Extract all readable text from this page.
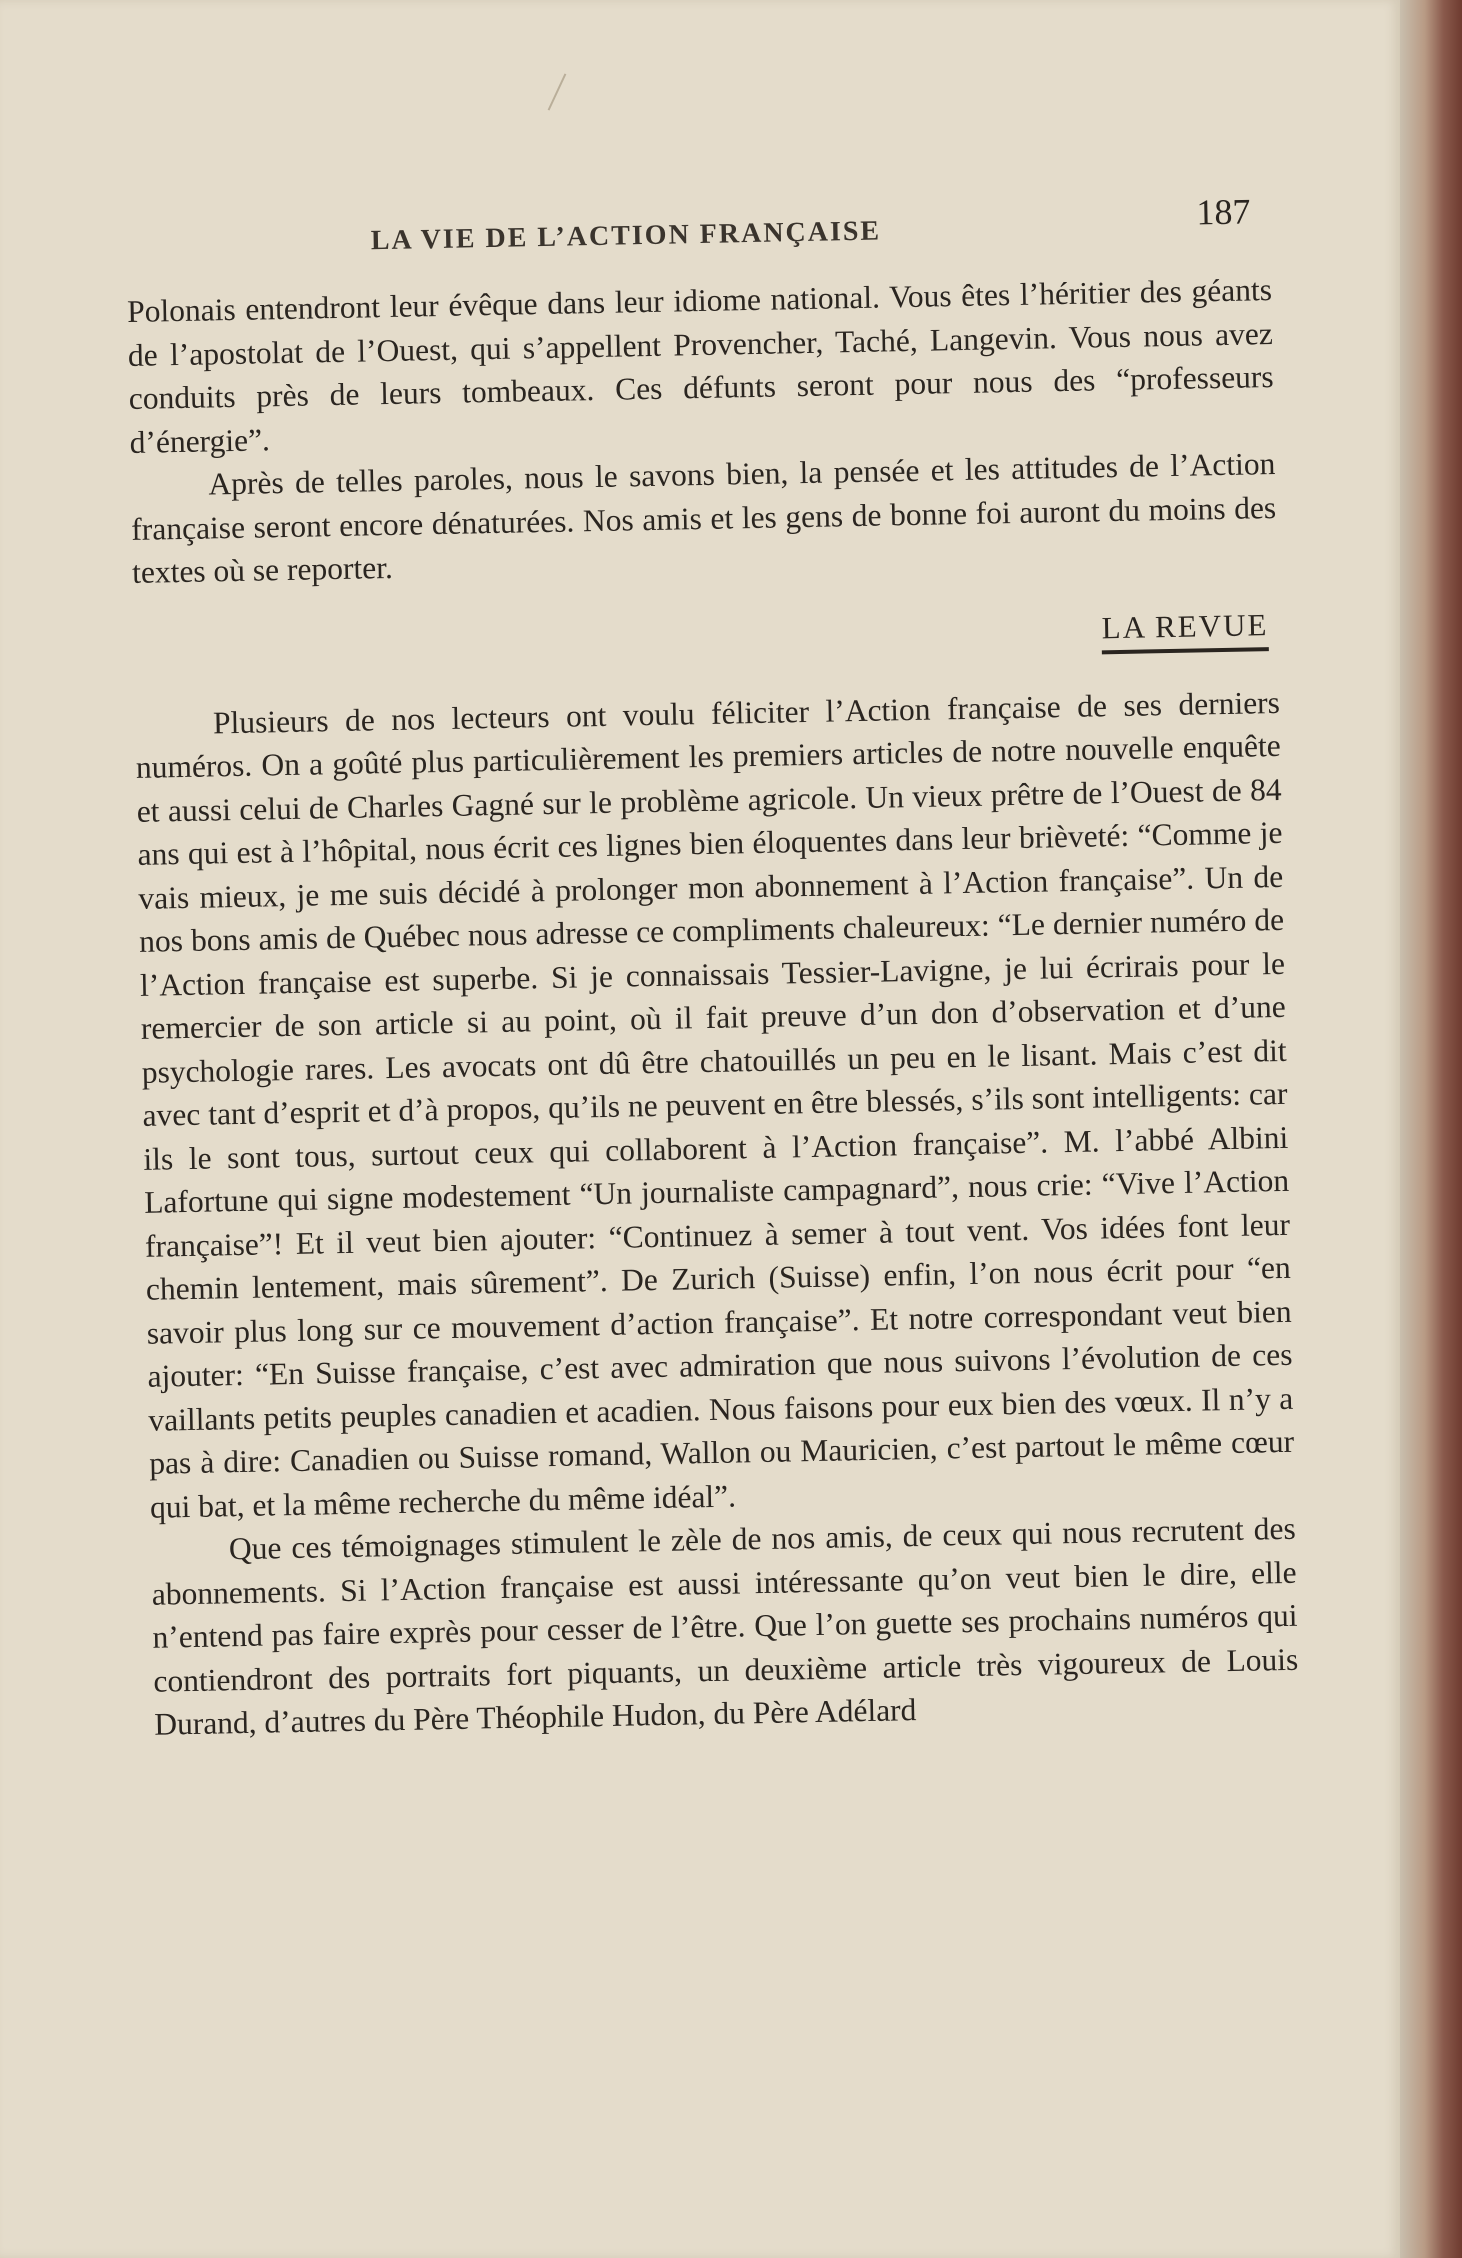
LA VIE DE L’ACTION FRANÇAISE
187

Polonais entendront leur évêque dans leur idiome national. Vous êtes l’héritier des géants de l’apostolat de l’Ouest, qui s’appellent Provencher, Taché, Langevin. Vous nous avez conduits près de leurs tombeaux. Ces défunts seront pour nous des “professeurs d’énergie”.

Après de telles paroles, nous le savons bien, la pensée et les attitudes de l’Action française seront encore dénaturées. Nos amis et les gens de bonne foi auront du moins des textes où se reporter.

LA REVUE

Plusieurs de nos lecteurs ont voulu féliciter l’Action française de ses derniers numéros. On a goûté plus particulièrement les premiers articles de notre nouvelle enquête et aussi celui de Charles Gagné sur le problème agricole. Un vieux prêtre de l’Ouest de 84 ans qui est à l’hôpital, nous écrit ces lignes bien éloquentes dans leur brièveté: “Comme je vais mieux, je me suis décidé à prolonger mon abonnement à l’Action française”. Un de nos bons amis de Québec nous adresse ce compliments chaleureux: “Le dernier numéro de l’Action française est superbe. Si je connaissais Tessier-Lavigne, je lui écrirais pour le remercier de son article si au point, où il fait preuve d’un don d’observation et d’une psychologie rares. Les avocats ont dû être chatouillés un peu en le lisant. Mais c’est dit avec tant d’esprit et d’à propos, qu’ils ne peuvent en être blessés, s’ils sont intelligents: car ils le sont tous, surtout ceux qui collaborent à l’Action française”. M. l’abbé Albini Lafortune qui signe modestement “Un journaliste campagnard”, nous crie: “Vive l’Action française”! Et il veut bien ajouter: “Continuez à semer à tout vent. Vos idées font leur chemin lentement, mais sûrement”. De Zurich (Suisse) enfin, l’on nous écrit pour “en savoir plus long sur ce mouvement d’action française”. Et notre correspondant veut bien ajouter: “En Suisse française, c’est avec admiration que nous suivons l’évolution de ces vaillants petits peuples canadien et acadien. Nous faisons pour eux bien des vœux. Il n’y a pas à dire: Canadien ou Suisse romand, Wallon ou Mauricien, c’est partout le même cœur qui bat, et la même recherche du même idéal”.

Que ces témoignages stimulent le zèle de nos amis, de ceux qui nous recrutent des abonnements. Si l’Action française est aussi intéressante qu’on veut bien le dire, elle n’entend pas faire exprès pour cesser de l’être. Que l’on guette ses prochains numéros qui contiendront des portraits fort piquants, un deuxième article très vigoureux de Louis Durand, d’autres du Père Théophile Hudon, du Père Adélard
